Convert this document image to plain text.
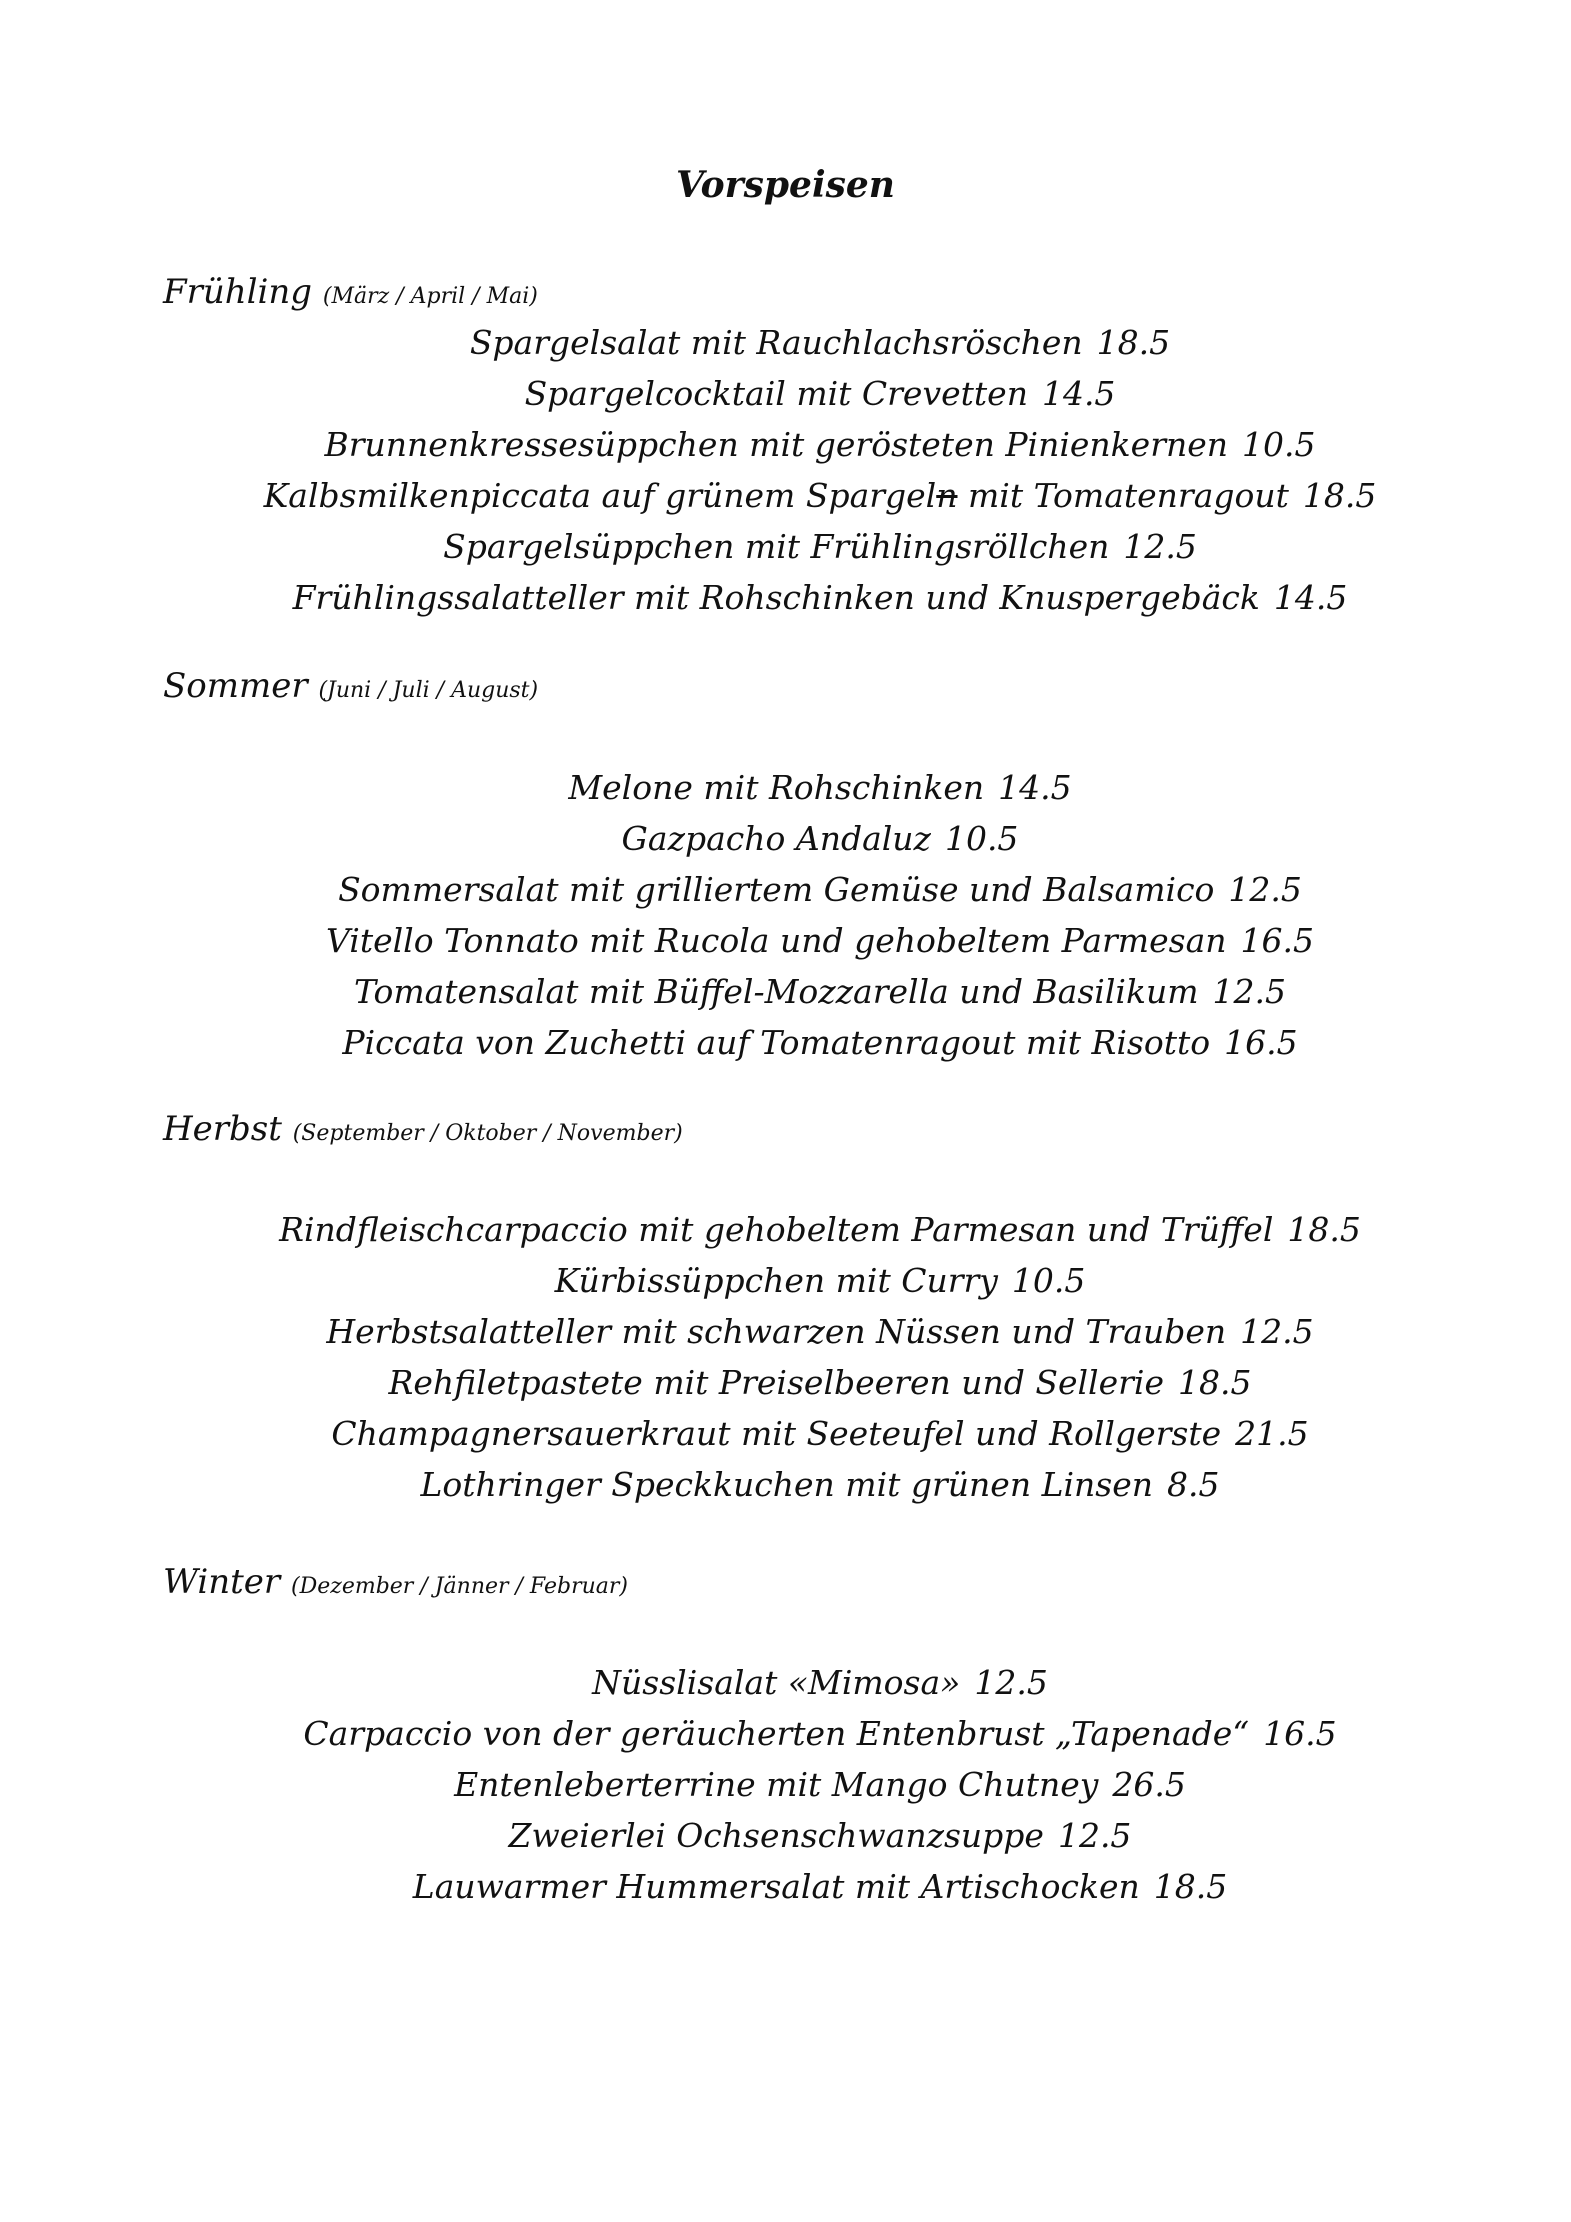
Vorspeisen
Frühling (März / April / Mai)
Spargelsalat mit Rauchlachsröschen 18.5
Spargelcocktail mit Crevetten 14.5
Brunnenkressesüppchen mit gerösteten Pinienkernen 10.5
Kalbsmilkenpiccata auf grünem Spargeln mit Tomatenragout 18.5
Spargelsüppchen mit Frühlingsröllchen 12.5
Frühlingssalatteller mit Rohschinken und Knuspergebäck 14.5
Sommer (Juni / Juli / August)
Melone mit Rohschinken 14.5
Gazpacho Andaluz 10.5
Sommersalat mit grilliertem Gemüse und Balsamico 12.5
Vitello Tonnato mit Rucola und gehobeltem Parmesan 16.5
Tomatensalat mit Büffel-Mozzarella und Basilikum 12.5
Piccata von Zuchetti auf Tomatenragout mit Risotto 16.5
Herbst (September / Oktober / November)
Rindfleischcarpaccio mit gehobeltem Parmesan und Trüffel 18.5
Kürbissüppchen mit Curry 10.5
Herbstsalatteller mit schwarzen Nüssen und Trauben 12.5
Rehfiletpastete mit Preiselbeeren und Sellerie 18.5
Champagnersauerkraut mit Seeteufel und Rollgerste 21.5
Lothringer Speckkuchen mit grünen Linsen 8.5
Winter (Dezember / Jänner / Februar)
Nüsslisalat «Mimosa» 12.5
Carpaccio von der geräucherten Entenbrust „Tapenade“ 16.5
Entenleberterrine mit Mango Chutney 26.5
Zweierlei Ochsenschwanzsuppe 12.5
Lauwarmer Hummersalat mit Artischocken 18.5
